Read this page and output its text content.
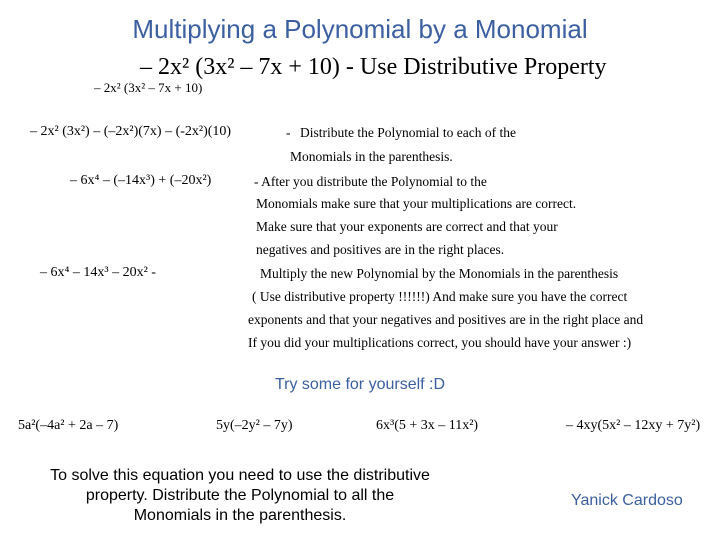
Multiplying a Polynomial by a Monomial
– 2x² (3x² – 7x + 10) - Use Distributive Property
– 2x² (3x² – 7x + 10)
– 2x² (3x²) – (–2x²)(7x) – (-2x²)(10)	- Distribute the Polynomial to each of the
Monomials in the parenthesis.
– 6x⁴ – (–14x³) + (–20x²)	- After you distribute the Polynomial to the
Monomials make sure that your multiplications are correct.
Make sure that your exponents are correct and that your
negatives and positives are in the right places.
– 6x⁴ – 14x³ – 20x² -	Multiply the new Polynomial by the Monomials in the parenthesis
( Use distributive property !!!!!!) And make sure you have the correct
exponents and that your negatives and positives are in the right place and
If you did your multiplications correct, you should have your answer :)
Try some for yourself :D
5a²(–4a² + 2a – 7)	5y(–2y² – 7y)	6x³(5 + 3x – 11x²)	– 4xy(5x² – 12xy + 7y²)
To solve this equation you need to use the distributive
property. Distribute the Polynomial to all the
Monomials in the parenthesis.
Yanick Cardoso
